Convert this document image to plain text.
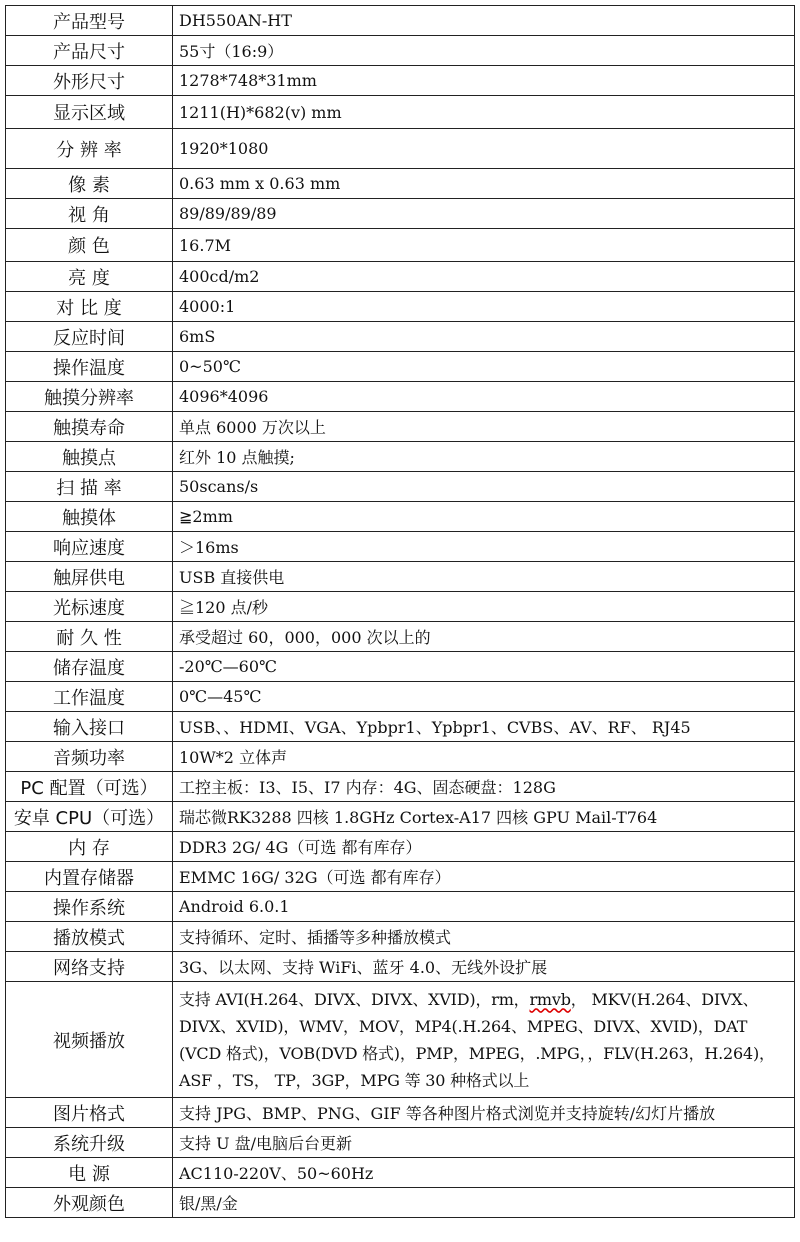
产品型号	DH550AN-HT
产品尺寸	55寸（16:9）
外形尺寸	1278*748*31mm
显示区域	1211(H)*682(v) mm
分 辨 率	1920*1080
像 素	0.63 mm x 0.63 mm
视 角	89/89/89/89
颜 色	16.7M
亮 度	400cd/m2
对 比 度	4000:1
反应时间	6mS
操作温度	0~50℃
触摸分辨率	4096*4096
触摸寿命	单点 6000 万次以上
触摸点	红外 10 点触摸;
扫 描 率	50scans/s
触摸体	≧2mm
响应速度	＞16ms
触屏供电	USB 直接供电
光标速度	≧120 点/秒
耐 久 性	承受超过 60，000，000 次以上的
储存温度	-20℃—60℃
工作温度	0℃—45℃
输入接口	USB、、HDMI、VGA、Ypbpr1、Ypbpr1、CVBS、AV、RF、 RJ45
音频功率	10W*2 立体声
PC 配置（可选）	工控主板：I3、I5、I7 内存：4G、固态硬盘：128G
安卓 CPU（可选）	瑞芯微RK3288 四核 1.8GHz Cortex-A17 四核 GPU Mail-T764
内 存	DDR3 2G/ 4G（可选 都有库存）
内置存储器	EMMC 16G/ 32G（可选 都有库存）
操作系统	Android 6.0.1
播放模式	支持循环、定时、插播等多种播放模式
网络支持	3G、以太网、支持 WiFi、蓝牙 4.0、无线外设扩展
视频播放	支持 AVI(H.264、DIVX、DIVX、XVID)，rm，rmvb， MKV(H.264、DIVX、
DIVX、XVID)，WMV，MOV，MP4(.H.264、MPEG、DIVX、XVID)，DAT
(VCD 格式)，VOB(DVD 格式)，PMP，MPEG，.MPG，，FLV(H.263，H.264)，
ASF ，TS， TP，3GP，MPG 等 30 种格式以上

图片格式	支持 JPG、BMP、PNG、GIF 等各种图片格式浏览并支持旋转/幻灯片播放
系统升级	支持 U 盘/电脑后台更新
电 源	AC110-220V、50~60Hz
外观颜色	银/黑/金
